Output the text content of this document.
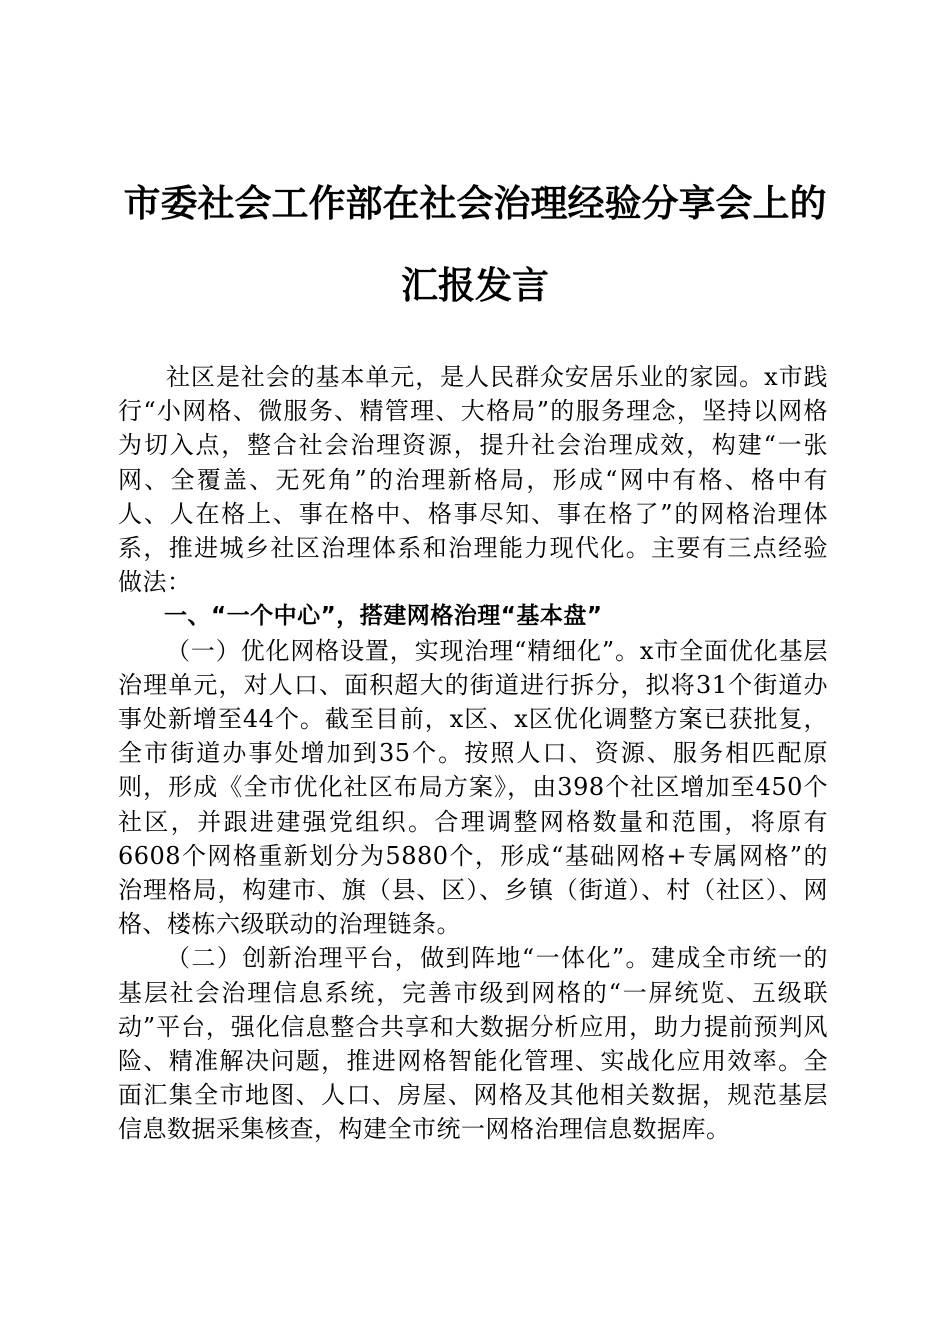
市委社会工作部在社会治理经验分享会上的汇报发言

社区是社会的基本单元，是人民群众安居乐业的家园。x市践行“小网格、微服务、精管理、大格局”的服务理念，坚持以网格为切入点，整合社会治理资源，提升社会治理成效，构建“一张网、全覆盖、无死角”的治理新格局，形成“网中有格、格中有人、人在格上、事在格中、格事尽知、事在格了”的网格治理体系，推进城乡社区治理体系和治理能力现代化。主要有三点经验做法：

一、“一个中心”，搭建网格治理“基本盘”

（一）优化网格设置，实现治理“精细化”。x市全面优化基层治理单元，对人口、面积超大的街道进行拆分，拟将31个街道办事处新增至44个。截至目前，x区、x区优化调整方案已获批复，全市街道办事处增加到35个。按照人口、资源、服务相匹配原则，形成《全市优化社区布局方案》，由398个社区增加至450个社区，并跟进建强党组织。合理调整网格数量和范围，将原有6608个网格重新划分为5880个，形成“基础网格+专属网格”的治理格局，构建市、旗（县、区）、乡镇（街道）、村（社区）、网格、楼栋六级联动的治理链条。

（二）创新治理平台，做到阵地“一体化”。建成全市统一的基层社会治理信息系统，完善市级到网格的“一屏统览、五级联动”平台，强化信息整合共享和大数据分析应用，助力提前预判风险、精准解决问题，推进网格智能化管理、实战化应用效率。全面汇集全市地图、人口、房屋、网格及其他相关数据，规范基层信息数据采集核查，构建全市统一网格治理信息数据库。
